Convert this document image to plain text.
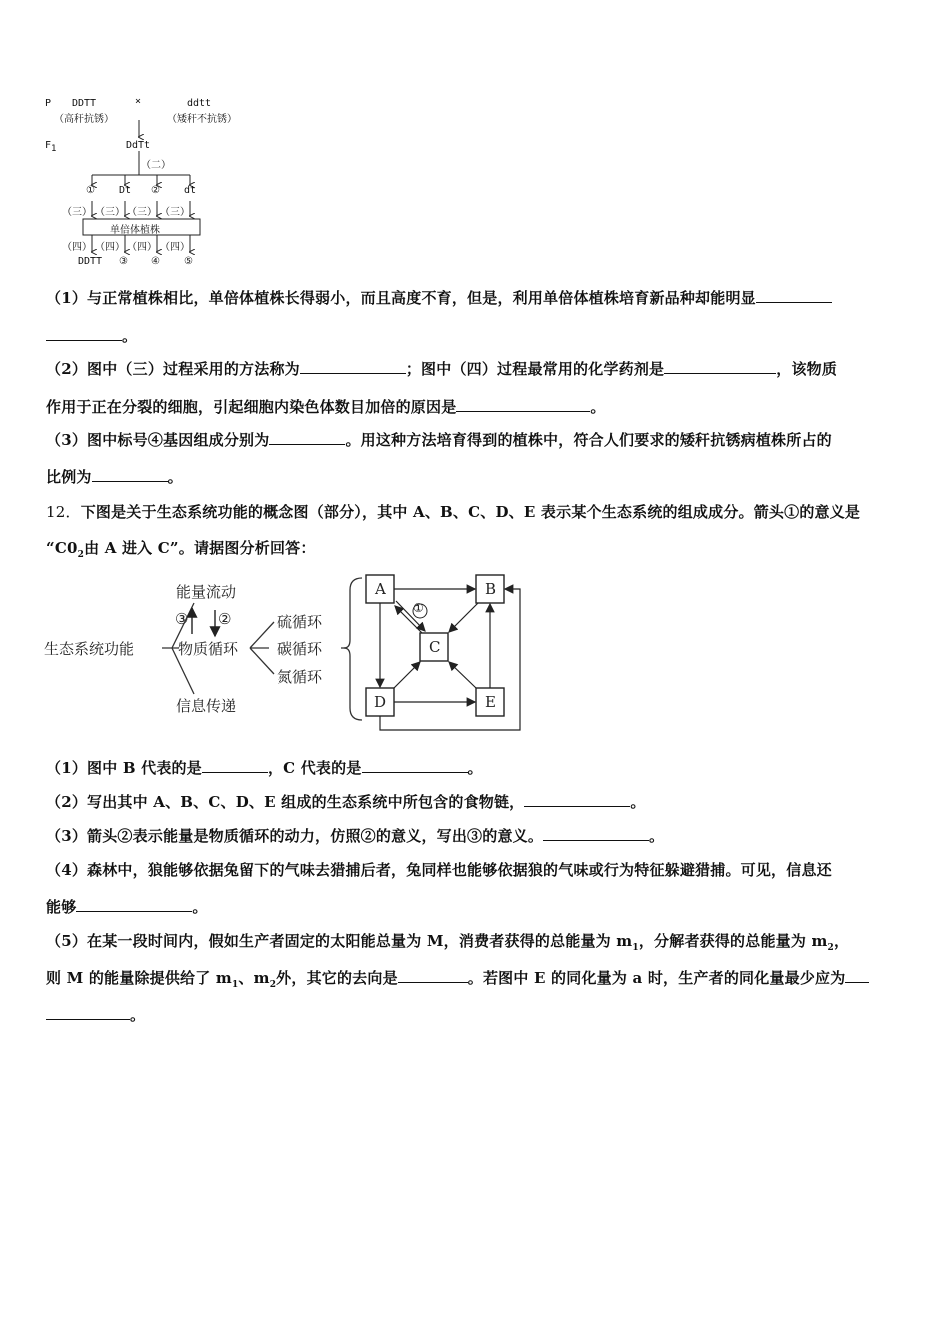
P DDTT
（高秆抗锈）
×	ddtt
（矮秆不抗锈）
$F_1$	DdTt
（二）
① Dt ② dt
（三） （三） （三） （三）
单倍体植株
（四） （四） （四） （四）
DDTT ③ ④ ⑤
（1）与正常植株相比，单倍体植株长得弱小，而且高度不育，但是，利用单倍体植株培育新品种却能明显
。
（2）图中（三）过程采用的方法称为	；图中（四）过程最常用的化学药剂是	，该物质
作用于正在分裂的细胞，引起细胞内染色体数目加倍的原因是	。
（3）图中标号④基因组成分别为	。用这种方法培育得到的植株中，符合人们要求的矮秆抗锈病植株所占的
比例为	。
12．下图是关于生态系统功能的概念图（部分），其中 A、B、C、D、E 表示某个生态系统的组成成分。箭头①的意义是
“$C0_2$由 A 进入 C”。请据图分析回答：
生态系统功能
能量流动
物质循环
信息传递
③ ②	硫循环
碳循环
氮循环
A	B
C
D	E
①
（1）图中 B 代表的是	，C 代表的是	。
（2）写出其中 A、B、C、D、E 组成的生态系统中所包含的食物链，	。
（3）箭头②表示能量是物质循环的动力，仿照②的意义，写出③的意义。	。
（4）森林中，狼能够依据兔留下的气味去猎捕后者，兔同样也能够依据狼的气味或行为特征躲避猎捕。可见，信息还
能够	。
（5）在某一段时间内，假如生产者固定的太阳能总量为 M，消费者获得的总能量为 $m_1$，分解者获得的总能量为 $m_2$，
则 M 的能量除提供给了 $m_1$、$m_2$外，其它的去向是	。若图中 E 的同化量为 a 时，生产者的同化量最少应为
。
